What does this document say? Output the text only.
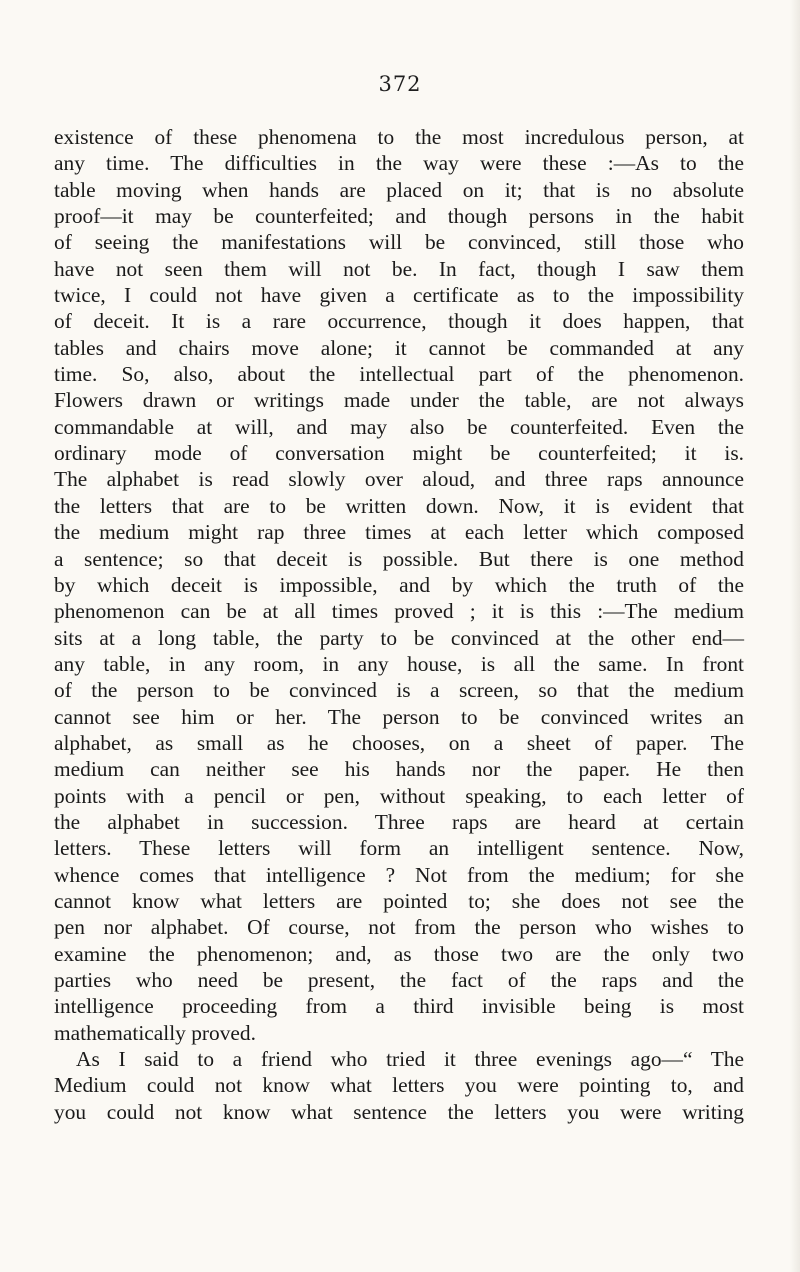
372
existence of these phenomena to the most incredulous person, at
any time. The difficulties in the way were these :—As to the
table moving when hands are placed on it; that is no absolute
proof—it may be counterfeited; and though persons in the habit
of seeing the manifestations will be convinced, still those who
have not seen them will not be. In fact, though I saw them
twice, I could not have given a certificate as to the impossibility
of deceit. It is a rare occurrence, though it does happen, that
tables and chairs move alone; it cannot be commanded at any
time. So, also, about the intellectual part of the phenomenon.
Flowers drawn or writings made under the table, are not always
commandable at will, and may also be counterfeited. Even the
ordinary mode of conversation might be counterfeited; it is.
The alphabet is read slowly over aloud, and three raps announce
the letters that are to be written down. Now, it is evident that
the medium might rap three times at each letter which composed
a sentence; so that deceit is possible. But there is one method
by which deceit is impossible, and by which the truth of the
phenomenon can be at all times proved ; it is this :—The medium
sits at a long table, the party to be convinced at the other end—
any table, in any room, in any house, is all the same. In front
of the person to be convinced is a screen, so that the medium
cannot see him or her. The person to be convinced writes an
alphabet, as small as he chooses, on a sheet of paper. The
medium can neither see his hands nor the paper. He then
points with a pencil or pen, without speaking, to each letter of
the alphabet in succession. Three raps are heard at certain
letters. These letters will form an intelligent sentence. Now,
whence comes that intelligence ? Not from the medium; for she
cannot know what letters are pointed to; she does not see the
pen nor alphabet. Of course, not from the person who wishes to
examine the phenomenon; and, as those two are the only two
parties who need be present, the fact of the raps and the
intelligence proceeding from a third invisible being is most
mathematically proved.
As I said to a friend who tried it three evenings ago—“ The
Medium could not know what letters you were pointing to, and
you could not know what sentence the letters you were writing
